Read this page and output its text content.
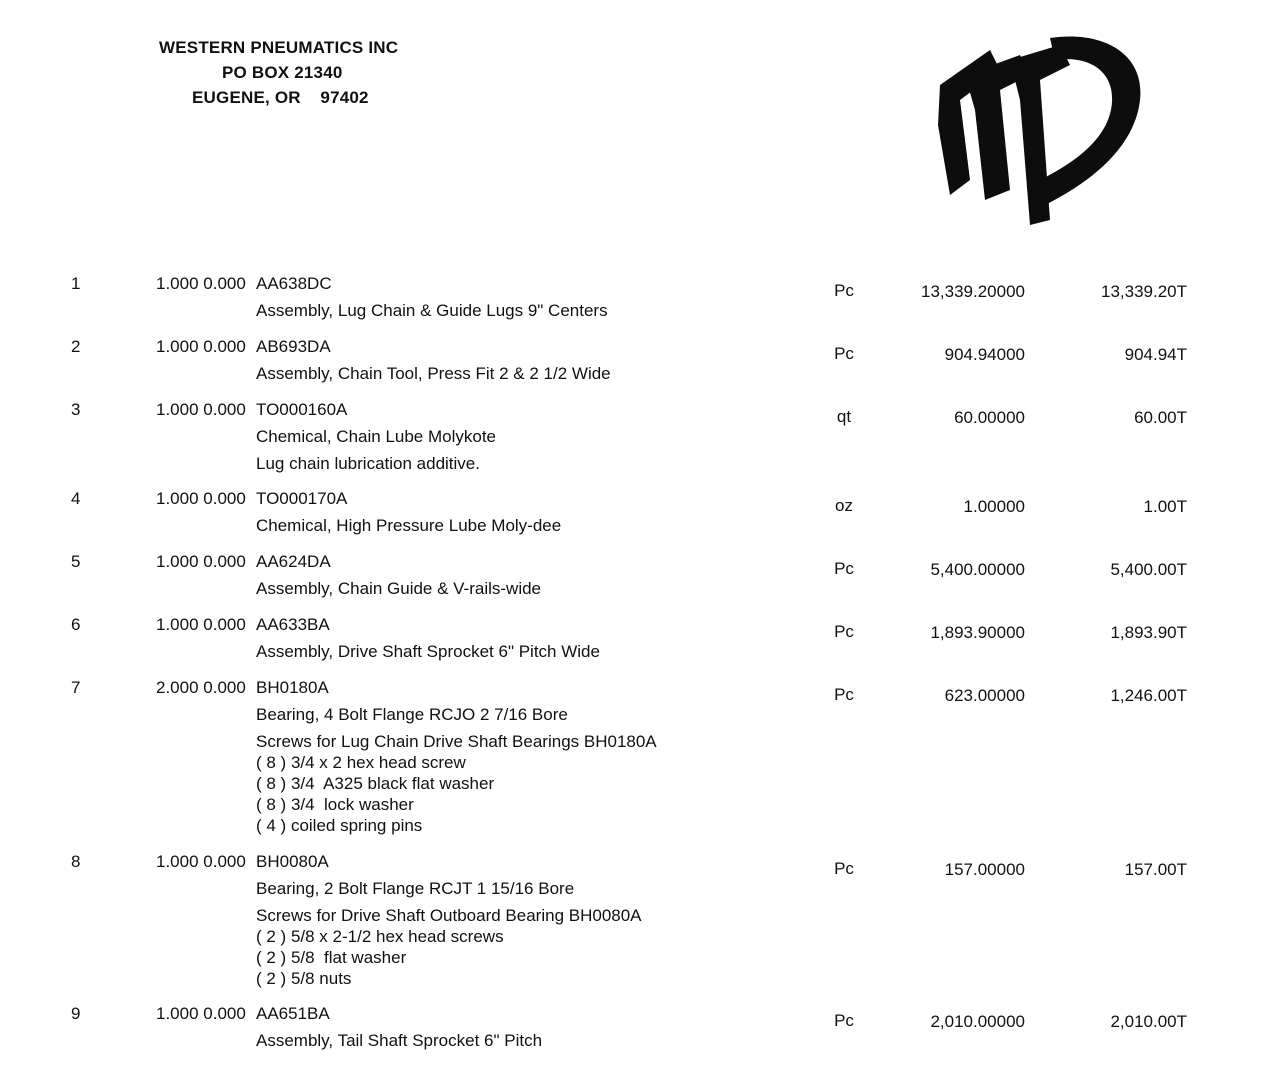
WESTERN PNEUMATICS INC
PO BOX 21340
EUGENE, OR    97402
1	1.000 0.000 AA638DC
Assembly, Lug Chain & Guide Lugs 9" Centers
Pc	13,339.20000	13,339.20T
2	1.000 0.000 AB693DA
Assembly, Chain Tool, Press Fit 2 & 2 1/2 Wide
Pc	904.94000	904.94T
3	1.000 0.000 TO000160A
Chemical, Chain Lube Molykote
Lug chain lubrication additive.
qt	60.00000	60.00T
4	1.000 0.000 TO000170A
Chemical, High Pressure Lube Moly-dee
oz	1.00000	1.00T
5	1.000 0.000 AA624DA
Assembly, Chain Guide & V-rails-wide
Pc	5,400.00000	5,400.00T
6	1.000 0.000 AA633BA
Assembly, Drive Shaft Sprocket 6" Pitch Wide
Pc	1,893.90000	1,893.90T
7	2.000 0.000 BH0180A
Bearing, 4 Bolt Flange RCJO 2 7/16 Bore
Screws for Lug Chain Drive Shaft Bearings BH0180A
( 8 ) 3/4 x 2 hex head screw
( 8 ) 3/4  A325 black flat washer
( 8 ) 3/4  lock washer
( 4 ) coiled spring pins
Pc	623.00000	1,246.00T
8	1.000 0.000 BH0080A
Bearing, 2 Bolt Flange RCJT 1 15/16 Bore
Screws for Drive Shaft Outboard Bearing BH0080A
( 2 ) 5/8 x 2-1/2 hex head screws
( 2 ) 5/8  flat washer
( 2 ) 5/8 nuts
Pc	157.00000	157.00T
9	1.000 0.000 AA651BA
Assembly, Tail Shaft Sprocket 6" Pitch
Pc	2,010.00000	2,010.00T
